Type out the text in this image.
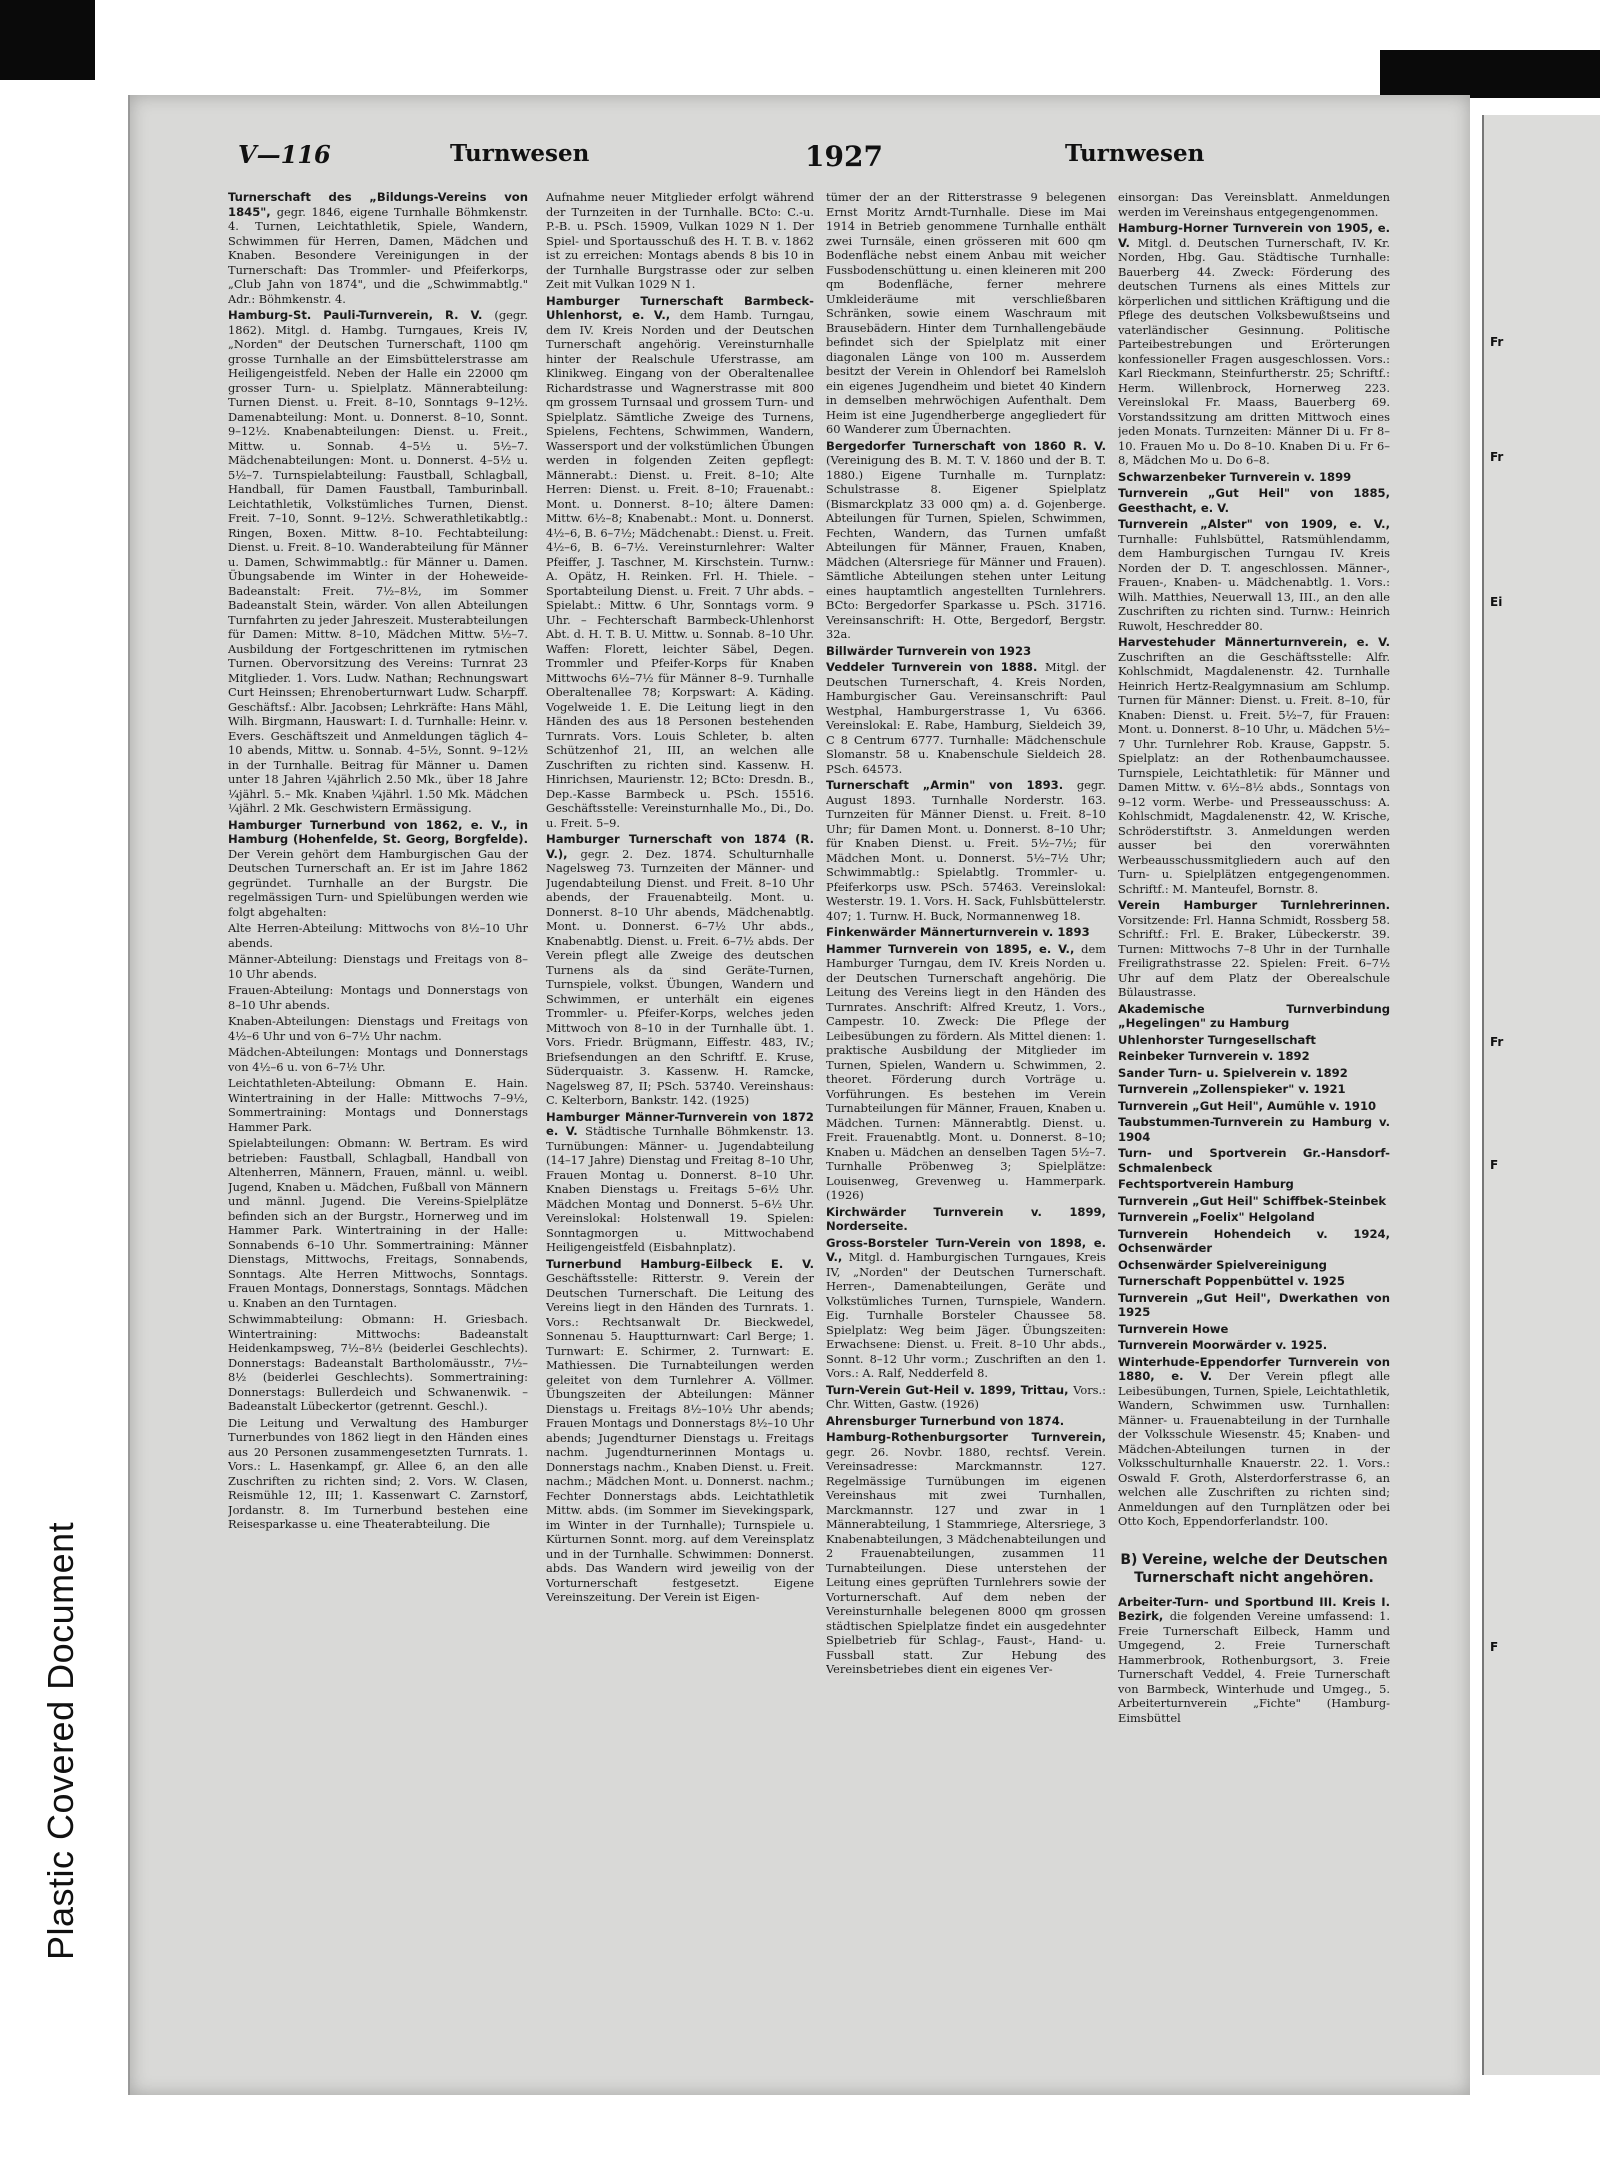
Plastic Covered Document
V—116	Turnwesen	1927	Turnwesen

Turnerschaft des „Bildungs-Vereins von 1845", gegr. 1846, eigene Turnhalle Böhmkenstr. 4. Turnen, Leichtathletik, Spiele, Wandern, Schwimmen für Herren, Damen, Mädchen und Knaben. Besondere Vereinigungen in der Turnerschaft: Das Trommler- und Pfeiferkorps, „Club Jahn von 1874", und die „Schwimmabtlg." Adr.: Böhmkenstr. 4.

Hamburg-St. Pauli-Turnverein, R. V. (gegr. 1862). Mitgl. d. Hambg. Turngaues, Kreis IV, „Norden" der Deutschen Turnerschaft, 1100 qm grosse Turnhalle an der Eimsbüttelerstrasse am Heiligengeistfeld. Neben der Halle ein 22000 qm grosser Turn- u. Spielplatz. Männerabteilung: Turnen Dienst. u. Freit. 8–10, Sonntags 9–12½. Damenabteilung: Mont. u. Donnerst. 8–10, Sonnt. 9–12½. Knabenabteilungen: Dienst. u. Freit., Mittw. u. Sonnab. 4–5½ u. 5½–7. Mädchenabteilungen: Mont. u. Donnerst. 4–5½ u. 5½–7. Turnspielabteilung: Faustball, Schlagball, Handball, für Damen Faustball, Tamburinball. Leichtathletik, Volkstümliches Turnen, Dienst. Freit. 7–10, Sonnt. 9–12½. Schwerathletikabtlg.: Ringen, Boxen. Mittw. 8–10. Fechtabteilung: Dienst. u. Freit. 8–10. Wanderabteilung für Männer u. Damen, Schwimmabtlg.: für Männer u. Damen. Übungsabende im Winter in der Hoheweide-Badeanstalt: Freit. 7½–8½, im Sommer Badeanstalt Stein, wärder. Von allen Abteilungen Turnfahrten zu jeder Jahreszeit. Musterabteilungen für Damen: Mittw. 8–10, Mädchen Mittw. 5½–7. Ausbildung der Fortgeschrittenen im rytmischen Turnen. Obervorsitzung des Vereins: Turnrat 23 Mitglieder. 1. Vors. Ludw. Nathan; Rechnungswart Curt Heinssen; Ehrenoberturnwart Ludw. Scharpff. Geschäftsf.: Albr. Jacobsen; Lehrkräfte: Hans Mähl, Wilh. Birgmann, Hauswart: I. d. Turnhalle: Heinr. v. Evers. Geschäftszeit und Anmeldungen täglich 4–10 abends, Mittw. u. Sonnab. 4–5½, Sonnt. 9–12½ in der Turnhalle. Beitrag für Männer u. Damen unter 18 Jahren ¼jährlich 2.50 Mk., über 18 Jahre ¼jährl. 5.– Mk. Knaben ¼jährl. 1.50 Mk. Mädchen ¼jährl. 2 Mk. Geschwistern Ermässigung.

Hamburger Turnerbund von 1862, e. V., in Hamburg (Hohenfelde, St. Georg, Borgfelde). Der Verein gehört dem Hamburgischen Gau der Deutschen Turnerschaft an. Er ist im Jahre 1862 gegründet. Turnhalle an der Burgstr. Die regelmässigen Turn- und Spielübungen werden wie folgt abgehalten:

Alte Herren-Abteilung: Mittwochs von 8½–10 Uhr abends.

Männer-Abteilung: Dienstags und Freitags von 8–10 Uhr abends.

Frauen-Abteilung: Montags und Donnerstags von 8–10 Uhr abends.

Knaben-Abteilungen: Dienstags und Freitags von 4½–6 Uhr und von 6–7½ Uhr nachm.

Mädchen-Abteilungen: Montags und Donnerstags von 4½–6 u. von 6–7½ Uhr.

Leichtathleten-Abteilung: Obmann E. Hain. Wintertraining in der Halle: Mittwochs 7–9½, Sommertraining: Montags und Donnerstags Hammer Park.

Spielabteilungen: Obmann: W. Bertram. Es wird betrieben: Faustball, Schlagball, Handball von Altenherren, Männern, Frauen, männl. u. weibl. Jugend, Knaben u. Mädchen, Fußball von Männern und männl. Jugend. Die Vereins-Spielplätze befinden sich an der Burgstr., Hornerweg und im Hammer Park. Wintertraining in der Halle: Sonnabends 6–10 Uhr. Sommertraining: Männer Dienstags, Mittwochs, Freitags, Sonnabends, Sonntags. Alte Herren Mittwochs, Sonntags. Frauen Montags, Donnerstags, Sonntags. Mädchen u. Knaben an den Turntagen.

Schwimmabteilung: Obmann: H. Griesbach. Wintertraining: Mittwochs: Badeanstalt Heidenkampsweg, 7½–8½ (beiderlei Geschlechts). Donnerstags: Badeanstalt Bartholomäusstr., 7½–8½ (beiderlei Geschlechts). Sommertraining: Donnerstags: Bullerdeich und Schwanenwik. – Badeanstalt Lübeckertor (getrennt. Geschl.).

Die Leitung und Verwaltung des Hamburger Turnerbundes von 1862 liegt in den Händen eines aus 20 Personen zusammengesetzten Turnrats. 1. Vors.: L. Hasenkampf, gr. Allee 6, an den alle Zuschriften zu richten sind; 2. Vors. W. Clasen, Reismühle 12, III; 1. Kassenwart C. Zarnstorf, Jordanstr. 8. Im Turnerbund bestehen eine Reisesparkasse u. eine Theaterabteilung. Die

Aufnahme neuer Mitglieder erfolgt während der Turnzeiten in der Turnhalle. BCto: C.-u. P.-B. u. PSch. 15909, Vulkan 1029 N 1. Der Spiel- und Sportausschuß des H. T. B. v. 1862 ist zu erreichen: Montags abends 8 bis 10 in der Turnhalle Burgstrasse oder zur selben Zeit mit Vulkan 1029 N 1.

Hamburger Turnerschaft Barmbeck-Uhlenhorst, e. V., dem Hamb. Turngau, dem IV. Kreis Norden und der Deutschen Turnerschaft angehörig. Vereinsturnhalle hinter der Realschule Uferstrasse, am Klinikweg. Eingang von der Oberaltenallee Richardstrasse und Wagnerstrasse mit 800 qm grossem Turnsaal und grossem Turn- und Spielplatz. Sämtliche Zweige des Turnens, Spielens, Fechtens, Schwimmen, Wandern, Wassersport und der volkstümlichen Übungen werden in folgenden Zeiten gepflegt: Männerabt.: Dienst. u. Freit. 8–10; Alte Herren: Dienst. u. Freit. 8–10; Frauenabt.: Mont. u. Donnerst. 8–10; ältere Damen: Mittw. 6½–8; Knabenabt.: Mont. u. Donnerst. 4½–6, B. 6–7½; Mädchenabt.: Dienst. u. Freit. 4½–6, B. 6–7½. Vereinsturnlehrer: Walter Pfeiffer, J. Taschner, M. Kirschstein. Turnw.: A. Opätz, H. Reinken. Frl. H. Thiele. – Sportabteilung Dienst. u. Freit. 7 Uhr abds. – Spielabt.: Mittw. 6 Uhr, Sonntags vorm. 9 Uhr. – Fechterschaft Barmbeck-Uhlenhorst Abt. d. H. T. B. U. Mittw. u. Sonnab. 8–10 Uhr. Waffen: Florett, leichter Säbel, Degen. Trommler und Pfeifer-Korps für Knaben Mittwochs 6½–7½ für Männer 8–9. Turnhalle Oberaltenallee 78; Korpswart: A. Käding. Vogelweide 1. E. Die Leitung liegt in den Händen des aus 18 Personen bestehenden Turnrats. Vors. Louis Schleter, b. alten Schützenhof 21, III, an welchen alle Zuschriften zu richten sind. Kassenw. H. Hinrichsen, Maurienstr. 12; BCto: Dresdn. B., Dep.-Kasse Barmbeck u. PSch. 15516. Geschäftsstelle: Vereinsturnhalle Mo., Di., Do. u. Freit. 5–9.

Hamburger Turnerschaft von 1874 (R. V.), gegr. 2. Dez. 1874. Schulturnhalle Nagelsweg 73. Turnzeiten der Männer- und Jugendabteilung Dienst. und Freit. 8–10 Uhr abends, der Frauenabteilg. Mont. u. Donnerst. 8–10 Uhr abends, Mädchenabtlg. Mont. u. Donnerst. 6–7½ Uhr abds., Knabenabtlg. Dienst. u. Freit. 6–7½ abds. Der Verein pflegt alle Zweige des deutschen Turnens als da sind Geräte-Turnen, Turnspiele, volkst. Übungen, Wandern und Schwimmen, er unterhält ein eigenes Trommler- u. Pfeifer-Korps, welches jeden Mittwoch von 8–10 in der Turnhalle übt. 1. Vors. Friedr. Brügmann, Eiffestr. 483, IV.; Briefsendungen an den Schriftf. E. Kruse, Süderquaistr. 3. Kassenw. H. Ramcke, Nagelsweg 87, II; PSch. 53740. Vereinshaus: C. Kelterborn, Bankstr. 142. (1925)

Hamburger Männer-Turnverein von 1872 e. V. Städtische Turnhalle Böhmkenstr. 13. Turnübungen: Männer- u. Jugendabteilung (14–17 Jahre) Dienstag und Freitag 8–10 Uhr, Frauen Montag u. Donnerst. 8–10 Uhr. Knaben Dienstags u. Freitags 5–6½ Uhr. Mädchen Montag und Donnerst. 5–6½ Uhr. Vereinslokal: Holstenwall 19. Spielen: Sonntagmorgen u. Mittwochabend Heiligengeistfeld (Eisbahnplatz).

Turnerbund Hamburg-Eilbeck E. V. Geschäftsstelle: Ritterstr. 9. Verein der Deutschen Turnerschaft. Die Leitung des Vereins liegt in den Händen des Turnrats. 1. Vors.: Rechtsanwalt Dr. Bieckwedel, Sonnenau 5. Hauptturnwart: Carl Berge; 1. Turnwart: E. Schirmer, 2. Turnwart: E. Mathiessen. Die Turnabteilungen werden geleitet von dem Turnlehrer A. Völlmer. Übungszeiten der Abteilungen: Männer Dienstags u. Freitags 8½–10½ Uhr abends; Frauen Montags und Donnerstags 8½–10 Uhr abends; Jugendturner Dienstags u. Freitags nachm. Jugendturnerinnen Montags u. Donnerstags nachm., Knaben Dienst. u. Freit. nachm.; Mädchen Mont. u. Donnerst. nachm.; Fechter Donnerstags abds. Leichtathletik Mittw. abds. (im Sommer im Sievekingspark, im Winter in der Turnhalle); Turnspiele u. Kürturnen Sonnt. morg. auf dem Vereinsplatz und in der Turnhalle. Schwimmen: Donnerst. abds. Das Wandern wird jeweilig von der Vorturnerschaft festgesetzt. Eigene Vereinszeitung. Der Verein ist Eigen-

tümer der an der Ritterstrasse 9 belegenen Ernst Moritz Arndt-Turnhalle. Diese im Mai 1914 in Betrieb genommene Turnhalle enthält zwei Turnsäle, einen grösseren mit 600 qm Bodenfläche nebst einem Anbau mit weicher Fussbodenschüttung u. einen kleineren mit 200 qm Bodenfläche, ferner mehrere Umkleideräume mit verschließbaren Schränken, sowie einem Waschraum mit Brausebädern. Hinter dem Turnhallengebäude befindet sich der Spielplatz mit einer diagonalen Länge von 100 m. Ausserdem besitzt der Verein in Ohlendorf bei Ramelsloh ein eigenes Jugendheim und bietet 40 Kindern in demselben mehrwöchigen Aufenthalt. Dem Heim ist eine Jugendherberge angegliedert für 60 Wanderer zum Übernachten.

Bergedorfer Turnerschaft von 1860 R. V. (Vereinigung des B. M. T. V. 1860 und der B. T. 1880.) Eigene Turnhalle m. Turnplatz: Schulstrasse 8. Eigener Spielplatz (Bismarckplatz 33 000 qm) a. d. Gojenberge. Abteilungen für Turnen, Spielen, Schwimmen, Fechten, Wandern, das Turnen umfaßt Abteilungen für Männer, Frauen, Knaben, Mädchen (Altersriege für Männer und Frauen). Sämtliche Abteilungen stehen unter Leitung eines hauptamtlich angestellten Turnlehrers. BCto: Bergedorfer Sparkasse u. PSch. 31716. Vereinsanschrift: H. Otte, Bergedorf, Bergstr. 32a.

Billwärder Turnverein von 1923

Veddeler Turnverein von 1888. Mitgl. der Deutschen Turnerschaft, 4. Kreis Norden, Hamburgischer Gau. Vereinsanschrift: Paul Westphal, Hamburgerstrasse 1, Vu 6366. Vereinslokal: E. Rabe, Hamburg, Sieldeich 39, C 8 Centrum 6777. Turnhalle: Mädchenschule Slomanstr. 58 u. Knabenschule Sieldeich 28. PSch. 64573.

Turnerschaft „Armin" von 1893. gegr. August 1893. Turnhalle Norderstr. 163. Turnzeiten für Männer Dienst. u. Freit. 8–10 Uhr; für Damen Mont. u. Donnerst. 8–10 Uhr; für Knaben Dienst. u. Freit. 5½–7½; für Mädchen Mont. u. Donnerst. 5½–7½ Uhr; Schwimmabtlg.: Spielabtlg. Trommler- u. Pfeiferkorps usw. PSch. 57463. Vereinslokal: Westerstr. 19. 1. Vors. H. Sack, Fuhlsbüttelerstr. 407; 1. Turnw. H. Buck, Normannenweg 18.

Finkenwärder Männerturnverein v. 1893

Hammer Turnverein von 1895, e. V., dem Hamburger Turngau, dem IV. Kreis Norden u. der Deutschen Turnerschaft angehörig. Die Leitung des Vereins liegt in den Händen des Turnrates. Anschrift: Alfred Kreutz, 1. Vors., Campestr. 10. Zweck: Die Pflege der Leibesübungen zu fördern. Als Mittel dienen: 1. praktische Ausbildung der Mitglieder im Turnen, Spielen, Wandern u. Schwimmen, 2. theoret. Förderung durch Vorträge u. Vorführungen. Es bestehen im Verein Turnabteilungen für Männer, Frauen, Knaben u. Mädchen. Turnen: Männerabtlg. Dienst. u. Freit. Frauenabtlg. Mont. u. Donnerst. 8–10; Knaben u. Mädchen an denselben Tagen 5½–7. Turnhalle Pröbenweg 3; Spielplätze: Louisenweg, Grevenweg u. Hammerpark. (1926)

Kirchwärder Turnverein v. 1899, Norderseite.

Gross-Borsteler Turn-Verein von 1898, e. V., Mitgl. d. Hamburgischen Turngaues, Kreis IV, „Norden" der Deutschen Turnerschaft. Herren-, Damenabteilungen, Geräte und Volkstümliches Turnen, Turnspiele, Wandern. Eig. Turnhalle Borsteler Chaussee 58. Spielplatz: Weg beim Jäger. Übungszeiten: Erwachsene: Dienst. u. Freit. 8–10 Uhr abds., Sonnt. 8–12 Uhr vorm.; Zuschriften an den 1. Vors.: A. Ralf, Nedderfeld 8.

Turn-Verein Gut-Heil v. 1899, Trittau, Vors.: Chr. Witten, Gastw. (1926)

Ahrensburger Turnerbund von 1874.

Hamburg-Rothenburgsorter Turnverein, gegr. 26. Novbr. 1880, rechtsf. Verein. Vereinsadresse: Marckmannstr. 127. Regelmässige Turnübungen im eigenen Vereinshaus mit zwei Turnhallen, Marckmannstr. 127 und zwar in 1 Männerabteilung, 1 Stammriege, Altersriege, 3 Knabenabteilungen, 3 Mädchenabteilungen und 2 Frauenabteilungen, zusammen 11 Turnabteilungen. Diese unterstehen der Leitung eines geprüften Turnlehrers sowie der Vorturnerschaft. Auf dem neben der Vereinsturnhalle belegenen 8000 qm grossen städtischen Spielplatze findet ein ausgedehnter Spielbetrieb für Schlag-, Faust-, Hand- u. Fussball statt. Zur Hebung des Vereinsbetriebes dient ein eigenes Ver-

einsorgan: Das Vereinsblatt. Anmeldungen werden im Vereinshaus entgegengenommen.

Hamburg-Horner Turnverein von 1905, e. V. Mitgl. d. Deutschen Turnerschaft, IV. Kr. Norden, Hbg. Gau. Städtische Turnhalle: Bauerberg 44. Zweck: Förderung des deutschen Turnens als eines Mittels zur körperlichen und sittlichen Kräftigung und die Pflege des deutschen Volksbewußtseins und vaterländischer Gesinnung. Politische Parteibestrebungen und Erörterungen konfessioneller Fragen ausgeschlossen. Vors.: Karl Rieckmann, Steinfurtherstr. 25; Schriftf.: Herm. Willenbrock, Hornerweg 223. Vereinslokal Fr. Maass, Bauerberg 69. Vorstandssitzung am dritten Mittwoch eines jeden Monats. Turnzeiten: Männer Di u. Fr 8–10. Frauen Mo u. Do 8–10. Knaben Di u. Fr 6–8, Mädchen Mo u. Do 6–8.

Schwarzenbeker Turnverein v. 1899

Turnverein „Gut Heil" von 1885, Geesthacht, e. V.

Turnverein „Alster" von 1909, e. V., Turnhalle: Fuhlsbüttel, Ratsmühlendamm, dem Hamburgischen Turngau IV. Kreis Norden der D. T. angeschlossen. Männer-, Frauen-, Knaben- u. Mädchenabtlg. 1. Vors.: Wilh. Matthies, Neuerwall 13, III., an den alle Zuschriften zu richten sind. Turnw.: Heinrich Ruwolt, Heschredder 80.

Harvestehuder Männerturnverein, e. V. Zuschriften an die Geschäftsstelle: Alfr. Kohlschmidt, Magdalenenstr. 42. Turnhalle Heinrich Hertz-Realgymnasium am Schlump. Turnen für Männer: Dienst. u. Freit. 8–10, für Knaben: Dienst. u. Freit. 5½–7, für Frauen: Mont. u. Donnerst. 8–10 Uhr, u. Mädchen 5½–7 Uhr. Turnlehrer Rob. Krause, Gappstr. 5. Spielplatz: an der Rothenbaumchaussee. Turnspiele, Leichtathletik: für Männer und Damen Mittw. v. 6½–8½ abds., Sonntags von 9–12 vorm. Werbe- und Presseausschuss: A. Kohlschmidt, Magdalenenstr. 42, W. Krische, Schröderstiftstr. 3. Anmeldungen werden ausser bei den vorerwähnten Werbeausschussmitgliedern auch auf den Turn- u. Spielplätzen entgegengenommen. Schriftf.: M. Manteufel, Bornstr. 8.

Verein Hamburger Turnlehrerinnen. Vorsitzende: Frl. Hanna Schmidt, Rossberg 58. Schriftf.: Frl. E. Braker, Lübeckerstr. 39. Turnen: Mittwochs 7–8 Uhr in der Turnhalle Freiligrathstrasse 22. Spielen: Freit. 6–7½ Uhr auf dem Platz der Oberealschule Bülaustrasse.

Akademische Turnverbindung „Hegelingen" zu Hamburg

Uhlenhorster Turngesellschaft

Reinbeker Turnverein v. 1892

Sander Turn- u. Spielverein v. 1892

Turnverein „Zollenspieker" v. 1921

Turnverein „Gut Heil", Aumühle v. 1910

Taubstummen-Turnverein zu Hamburg v. 1904

Turn- und Sportverein Gr.-Hansdorf-Schmalenbeck

Fechtsportverein Hamburg

Turnverein „Gut Heil" Schiffbek-Steinbek

Turnverein „Foelix" Helgoland

Turnverein Hohendeich v. 1924, Ochsenwärder

Ochsenwärder Spielvereinigung

Turnerschaft Poppenbüttel v. 1925

Turnverein „Gut Heil", Dwerkathen von 1925

Turnverein Howe

Turnverein Moorwärder v. 1925.

Winterhude-Eppendorfer Turnverein von 1880, e. V. Der Verein pflegt alle Leibesübungen, Turnen, Spiele, Leichtathletik, Wandern, Schwimmen usw. Turnhallen: Männer- u. Frauenabteilung in der Turnhalle der Volksschule Wiesenstr. 45; Knaben- und Mädchen-Abteilungen turnen in der Volksschulturnhalle Knauerstr. 22. 1. Vors.: Oswald F. Groth, Alsterdorferstrasse 6, an welchen alle Zuschriften zu richten sind; Anmeldungen auf den Turnplätzen oder bei Otto Koch, Eppendorferlandstr. 100.

B) Vereine, welche der Deutschen Turnerschaft nicht angehören.

Arbeiter-Turn- und Sportbund III. Kreis I. Bezirk, die folgenden Vereine umfassend: 1. Freie Turnerschaft Eilbeck, Hamm und Umgegend, 2. Freie Turnerschaft Hammerbrook, Rothenburgsort, 3. Freie Turnerschaft Veddel, 4. Freie Turnerschaft von Barmbeck, Winterhude und Umgeg., 5. Arbeiterturnverein „Fichte" (Hamburg-Eimsbüttel

Fr
Fr
Ei
Fr
F
F
